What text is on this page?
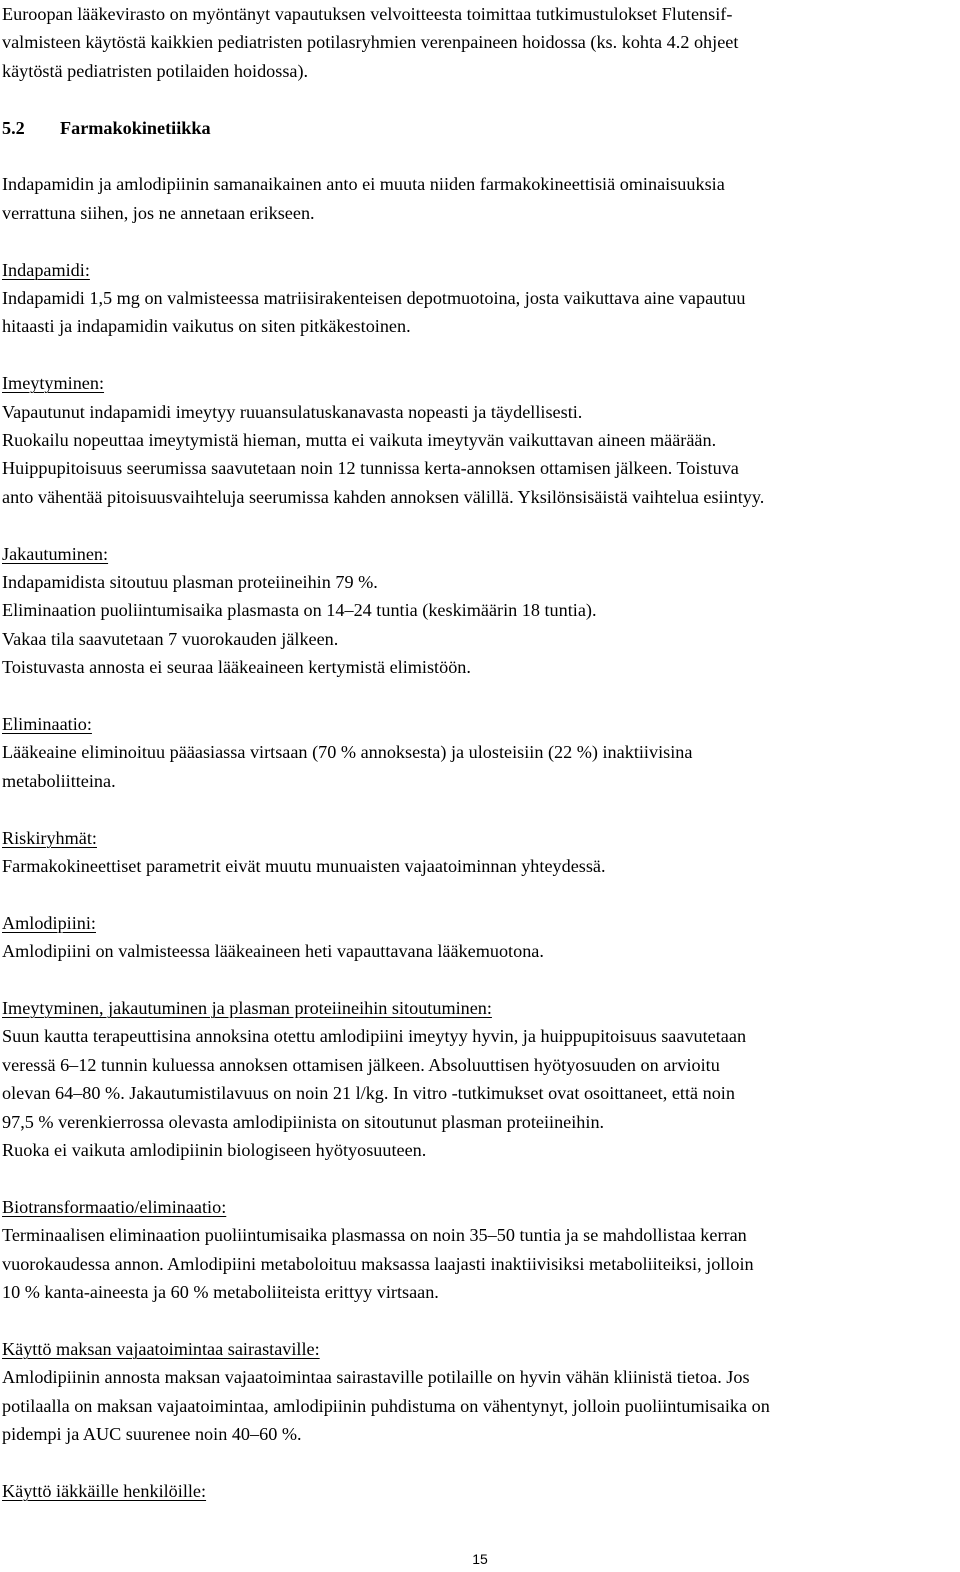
Euroopan lääkevirasto on myöntänyt vapautuksen velvoitteesta toimittaa tutkimustulokset Flutensif-
valmisteen käytöstä kaikkien pediatristen potilasryhmien verenpaineen hoidossa (ks. kohta 4.2 ohjeet
käytöstä pediatristen potilaiden hoidossa).

5.2 Farmakokinetiikka

Indapamidin ja amlodipiinin samanaikainen anto ei muuta niiden farmakokineettisiä ominaisuuksia
verrattuna siihen, jos ne annetaan erikseen.

Indapamidi:
Indapamidi 1,5 mg on valmisteessa matriisirakenteisen depotmuotoina, josta vaikuttava aine vapautuu
hitaasti ja indapamidin vaikutus on siten pitkäkestoinen.

Imeytyminen:
Vapautunut indapamidi imeytyy ruuansulatuskanavasta nopeasti ja täydellisesti.
Ruokailu nopeuttaa imeytymistä hieman, mutta ei vaikuta imeytyvän vaikuttavan aineen määrään.
Huippupitoisuus seerumissa saavutetaan noin 12 tunnissa kerta-annoksen ottamisen jälkeen. Toistuva
anto vähentää pitoisuusvaihteluja seerumissa kahden annoksen välillä. Yksilönsisäistä vaihtelua esiintyy.

Jakautuminen:
Indapamidista sitoutuu plasman proteiineihin 79 %.
Eliminaation puoliintumisaika plasmasta on 14–24 tuntia (keskimäärin 18 tuntia).
Vakaa tila saavutetaan 7 vuorokauden jälkeen.
Toistuvasta annosta ei seuraa lääkeaineen kertymistä elimistöön.

Eliminaatio:
Lääkeaine eliminoituu pääasiassa virtsaan (70 % annoksesta) ja ulosteisiin (22 %) inaktiivisina
metaboliitteina.

Riskiryhmät:
Farmakokineettiset parametrit eivät muutu munuaisten vajaatoiminnan yhteydessä.

Amlodipiini:
Amlodipiini on valmisteessa lääkeaineen heti vapauttavana lääkemuotona.

Imeytyminen, jakautuminen ja plasman proteiineihin sitoutuminen:
Suun kautta terapeuttisina annoksina otettu amlodipiini imeytyy hyvin, ja huippupitoisuus saavutetaan
veressä 6–12 tunnin kuluessa annoksen ottamisen jälkeen. Absoluuttisen hyötyosuuden on arvioitu
olevan 64–80 %. Jakautumistilavuus on noin 21 l/kg. In vitro -tutkimukset ovat osoittaneet, että noin
97,5 % verenkierrossa olevasta amlodipiinista on sitoutunut plasman proteiineihin.
Ruoka ei vaikuta amlodipiinin biologiseen hyötyosuuteen.

Biotransformaatio/eliminaatio:
Terminaalisen eliminaation puoliintumisaika plasmassa on noin 35–50 tuntia ja se mahdollistaa kerran
vuorokaudessa annon. Amlodipiini metaboloituu maksassa laajasti inaktiivisiksi metaboliiteiksi, jolloin
10 % kanta-aineesta ja 60 % metaboliiteista erittyy virtsaan.

Käyttö maksan vajaatoimintaa sairastaville:
Amlodipiinin annosta maksan vajaatoimintaa sairastaville potilaille on hyvin vähän kliinistä tietoa. Jos
potilaalla on maksan vajaatoimintaa, amlodipiinin puhdistuma on vähentynyt, jolloin puoliintumisaika on
pidempi ja AUC suurenee noin 40–60 %.

Käyttö iäkkäille henkilöille:

15
